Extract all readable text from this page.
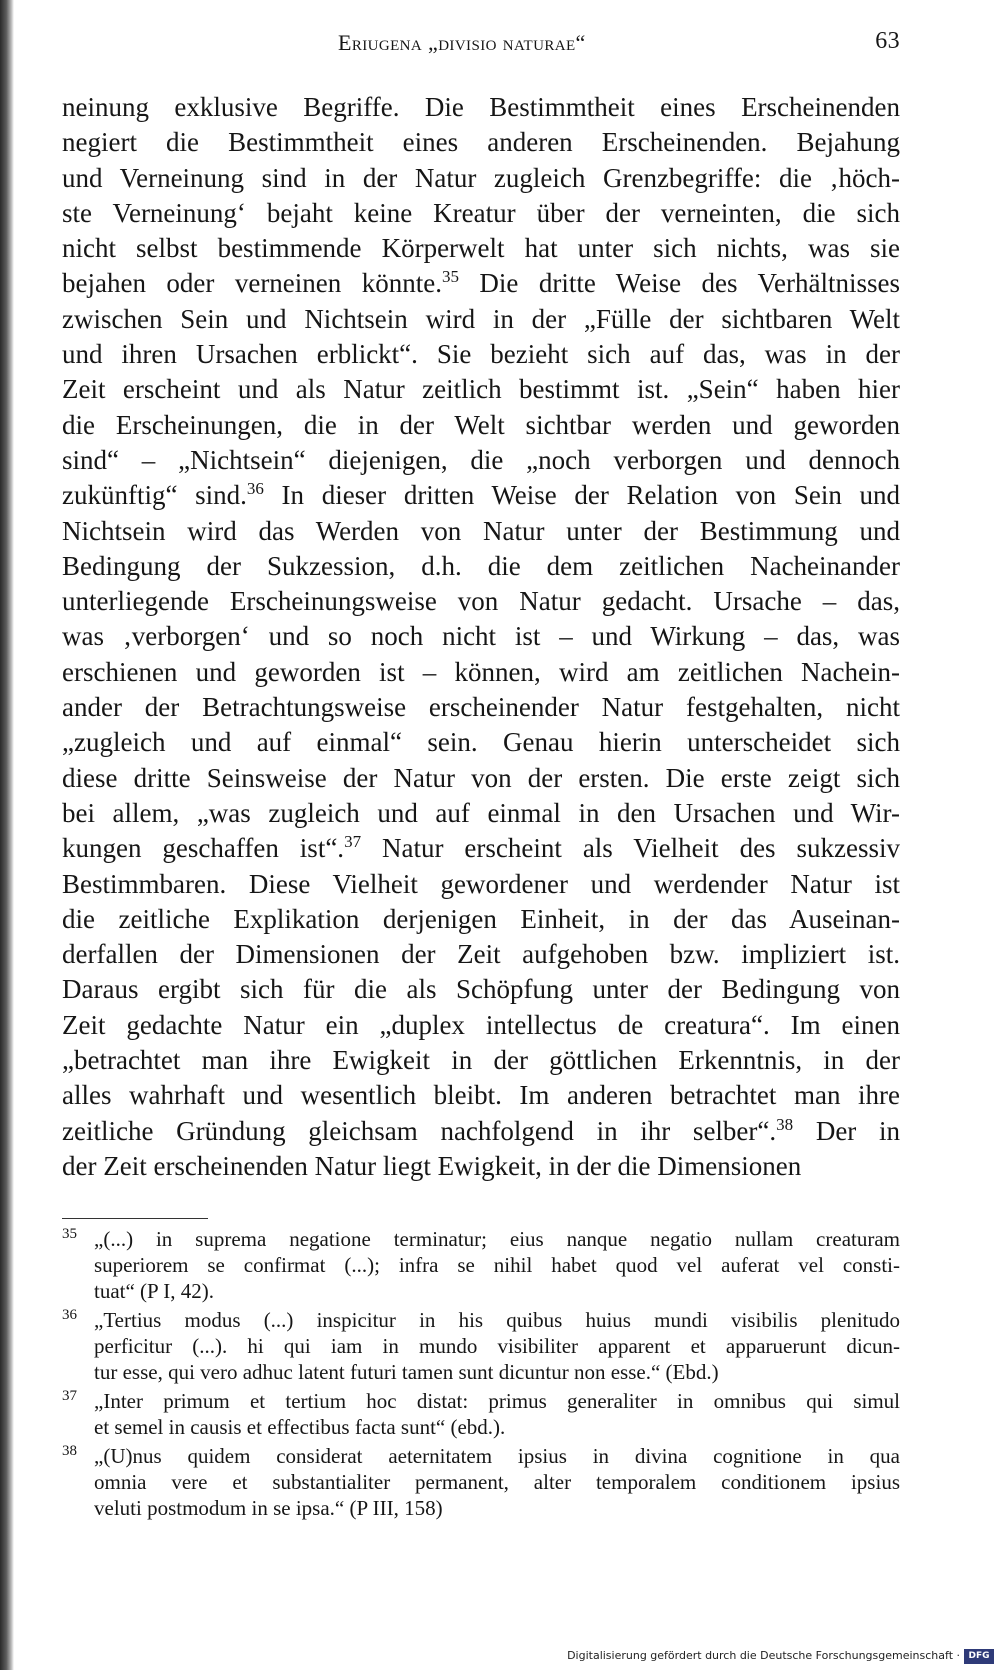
Eriugena „divisio naturae“	63
neinung exklusive Begriffe. Die Bestimmtheit eines Erscheinenden
negiert die Bestimmtheit eines anderen Erscheinenden. Bejahung
und Verneinung sind in der Natur zugleich Grenzbegriffe: die ‚höch-
ste Verneinung‘ bejaht keine Kreatur über der verneinten, die sich
nicht selbst bestimmende Körperwelt hat unter sich nichts, was sie
bejahen oder verneinen könnte.$^{35}$ Die dritte Weise des Verhältnisses
zwischen Sein und Nichtsein wird in der „Fülle der sichtbaren Welt
und ihren Ursachen erblickt“. Sie bezieht sich auf das, was in der
Zeit erscheint und als Natur zeitlich bestimmt ist. „Sein“ haben hier
die Erscheinungen, die in der Welt sichtbar werden und geworden
sind“ – „Nichtsein“ diejenigen, die „noch verborgen und dennoch
zukünftig“ sind.$^{36}$ In dieser dritten Weise der Relation von Sein und
Nichtsein wird das Werden von Natur unter der Bestimmung und
Bedingung der Sukzession, d.h. die dem zeitlichen Nacheinander
unterliegende Erscheinungsweise von Natur gedacht. Ursache – das,
was ‚verborgen‘ und so noch nicht ist – und Wirkung – das, was
erschienen und geworden ist – können, wird am zeitlichen Nachein-
ander der Betrachtungsweise erscheinender Natur festgehalten, nicht
„zugleich und auf einmal“ sein. Genau hierin unterscheidet sich
diese dritte Seinsweise der Natur von der ersten. Die erste zeigt sich
bei allem, „was zugleich und auf einmal in den Ursachen und Wir-
kungen geschaffen ist“.$^{37}$ Natur erscheint als Vielheit des sukzessiv
Bestimmbaren. Diese Vielheit gewordener und werdender Natur ist
die zeitliche Explikation derjenigen Einheit, in der das Auseinan-
derfallen der Dimensionen der Zeit aufgehoben bzw. impliziert ist.
Daraus ergibt sich für die als Schöpfung unter der Bedingung von
Zeit gedachte Natur ein „duplex intellectus de creatura“. Im einen
„betrachtet man ihre Ewigkeit in der göttlichen Erkenntnis, in der
alles wahrhaft und wesentlich bleibt. Im anderen betrachtet man ihre
zeitliche Gründung gleichsam nachfolgend in ihr selber“.$^{38}$ Der in
der Zeit erscheinenden Natur liegt Ewigkeit, in der die Dimensionen
35 „(...) in suprema negatione terminatur; eius nanque negatio nullam creaturam
superiorem se confirmat (...); infra se nihil habet quod vel auferat vel consti-
tuat“ (P I, 42).
36 „Tertius modus (...) inspicitur in his quibus huius mundi visibilis plenitudo
perficitur (...). hi qui iam in mundo visibiliter apparent et apparuerunt dicun-
tur esse, qui vero adhuc latent futuri tamen sunt dicuntur non esse.“ (Ebd.)
37 „Inter primum et tertium hoc distat: primus generaliter in omnibus qui simul
et semel in causis et effectibus facta sunt“ (ebd.).
38 „(U)nus quidem considerat aeternitatem ipsius in divina cognitione in qua
omnia vere et substantialiter permanent, alter temporalem conditionem ipsius
veluti postmodum in se ipsa.“ (P III, 158)
Digitalisierung gefördert durch die Deutsche Forschungsgemeinschaft · DFG
